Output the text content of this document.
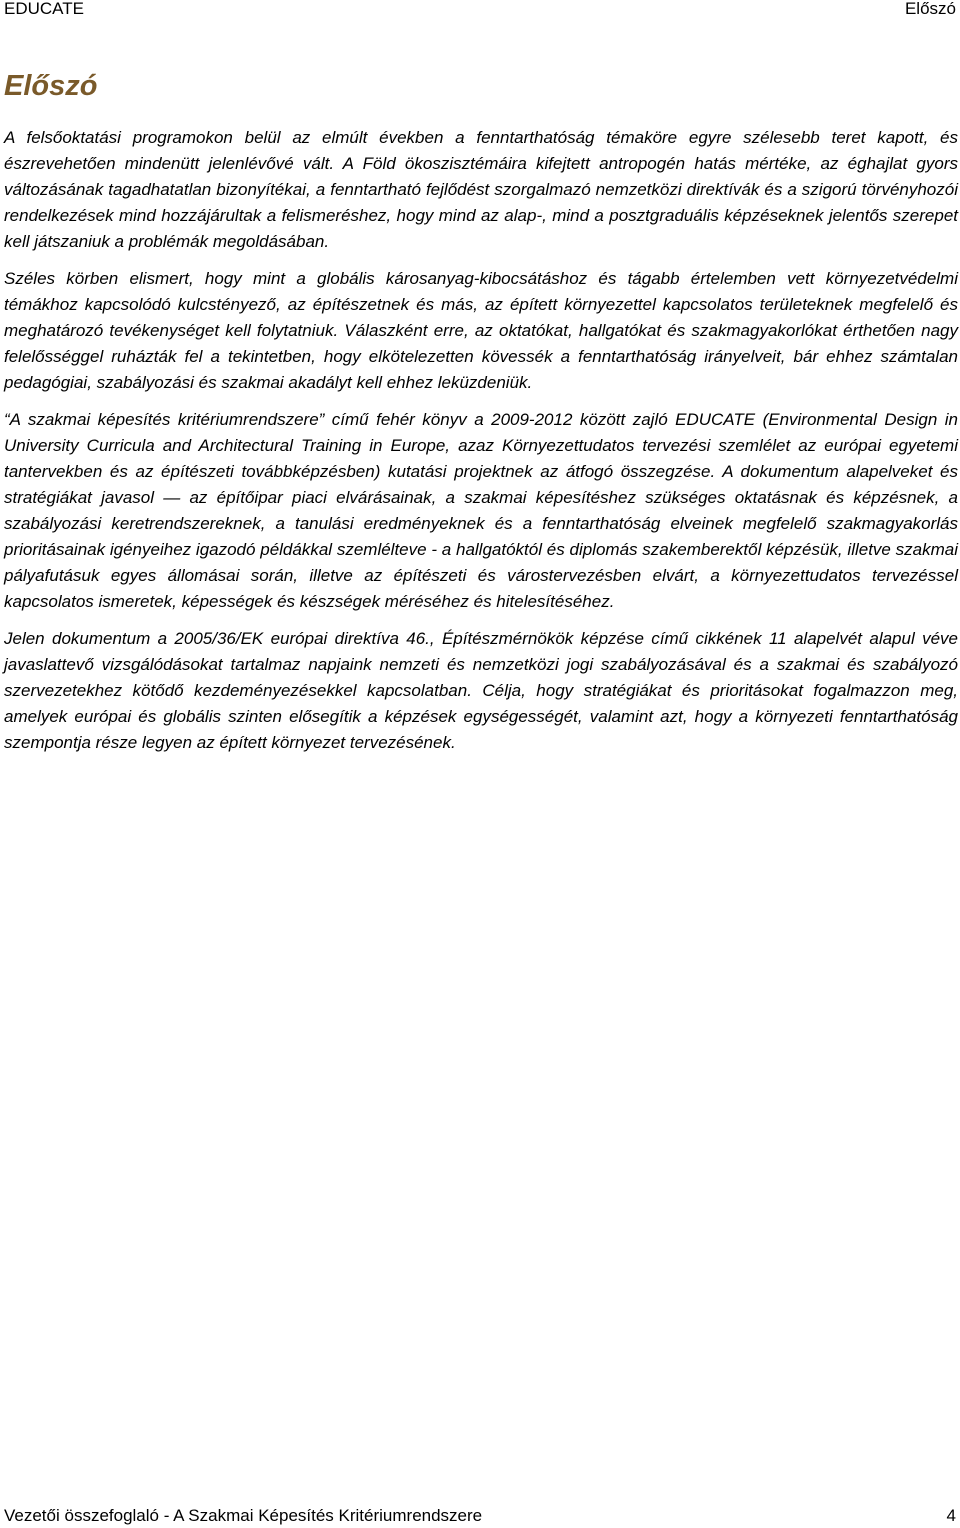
EDUCATE	Előszó
Előszó

A felsőoktatási programokon belül az elmúlt években a fenntarthatóság témaköre egyre szélesebb teret kapott, és észrevehetően mindenütt jelenlévővé vált. A Föld ökoszisztémáira kifejtett antropogén hatás mértéke, az éghajlat gyors változásának tagadhatatlan bizonyítékai, a fenntartható fejlődést szorgalmazó nemzetközi direktívák és a szigorú törvényhozói rendelkezések mind hozzájárultak a felismeréshez, hogy mind az alap-, mind a posztgraduális képzéseknek jelentős szerepet kell játszaniuk a problémák megoldásában.

Széles körben elismert, hogy mint a globális károsanyag-kibocsátáshoz és tágabb értelemben vett környezetvédelmi témákhoz kapcsolódó kulcstényező, az építészetnek és más, az épített környezettel kapcsolatos területeknek megfelelő és meghatározó tevékenységet kell folytatniuk. Válaszként erre, az oktatókat, hallgatókat és szakmagyakorlókat érthetően nagy felelősséggel ruházták fel a tekintetben, hogy elkötelezetten kövessék a fenntarthatóság irányelveit, bár ehhez számtalan pedagógiai, szabályozási és szakmai akadályt kell ehhez leküzdeniük.

“A szakmai képesítés kritériumrendszere” című fehér könyv a 2009-2012 között zajló EDUCATE (Environmental Design in University Curricula and Architectural Training in Europe, azaz Környezettudatos tervezési szemlélet az európai egyetemi tantervekben és az építészeti továbbképzésben) kutatási projektnek az átfogó összegzése. A dokumentum alapelveket és stratégiákat javasol — az építőipar piaci elvárásainak, a szakmai képesítéshez szükséges oktatásnak és képzésnek, a szabályozási keretrendszereknek, a tanulási eredményeknek és a fenntarthatóság elveinek megfelelő szakmagyakorlás prioritásainak igényeihez igazodó példákkal szemlélteve - a hallgatóktól és diplomás szakemberektől képzésük, illetve szakmai pályafutásuk egyes állomásai során, illetve az építészeti és várostervezésben elvárt, a környezettudatos tervezéssel kapcsolatos ismeretek, képességek és készségek méréséhez és hitelesítéséhez.

Jelen dokumentum a 2005/36/EK európai direktíva 46., Építészmérnökök képzése című cikkének 11 alapelvét alapul véve javaslattevő vizsgálódásokat tartalmaz napjaink nemzeti és nemzetközi jogi szabályozásával és a szakmai és szabályozó szervezetekhez kötődő kezdeményezésekkel kapcsolatban. Célja, hogy stratégiákat és prioritásokat fogalmazzon meg, amelyek európai és globális szinten elősegítik a képzések egységességét, valamint azt, hogy a környezeti fenntarthatóság szempontja része legyen az épített környezet tervezésének.

Vezetői összefoglaló - A Szakmai Képesítés Kritériumrendszere	4
